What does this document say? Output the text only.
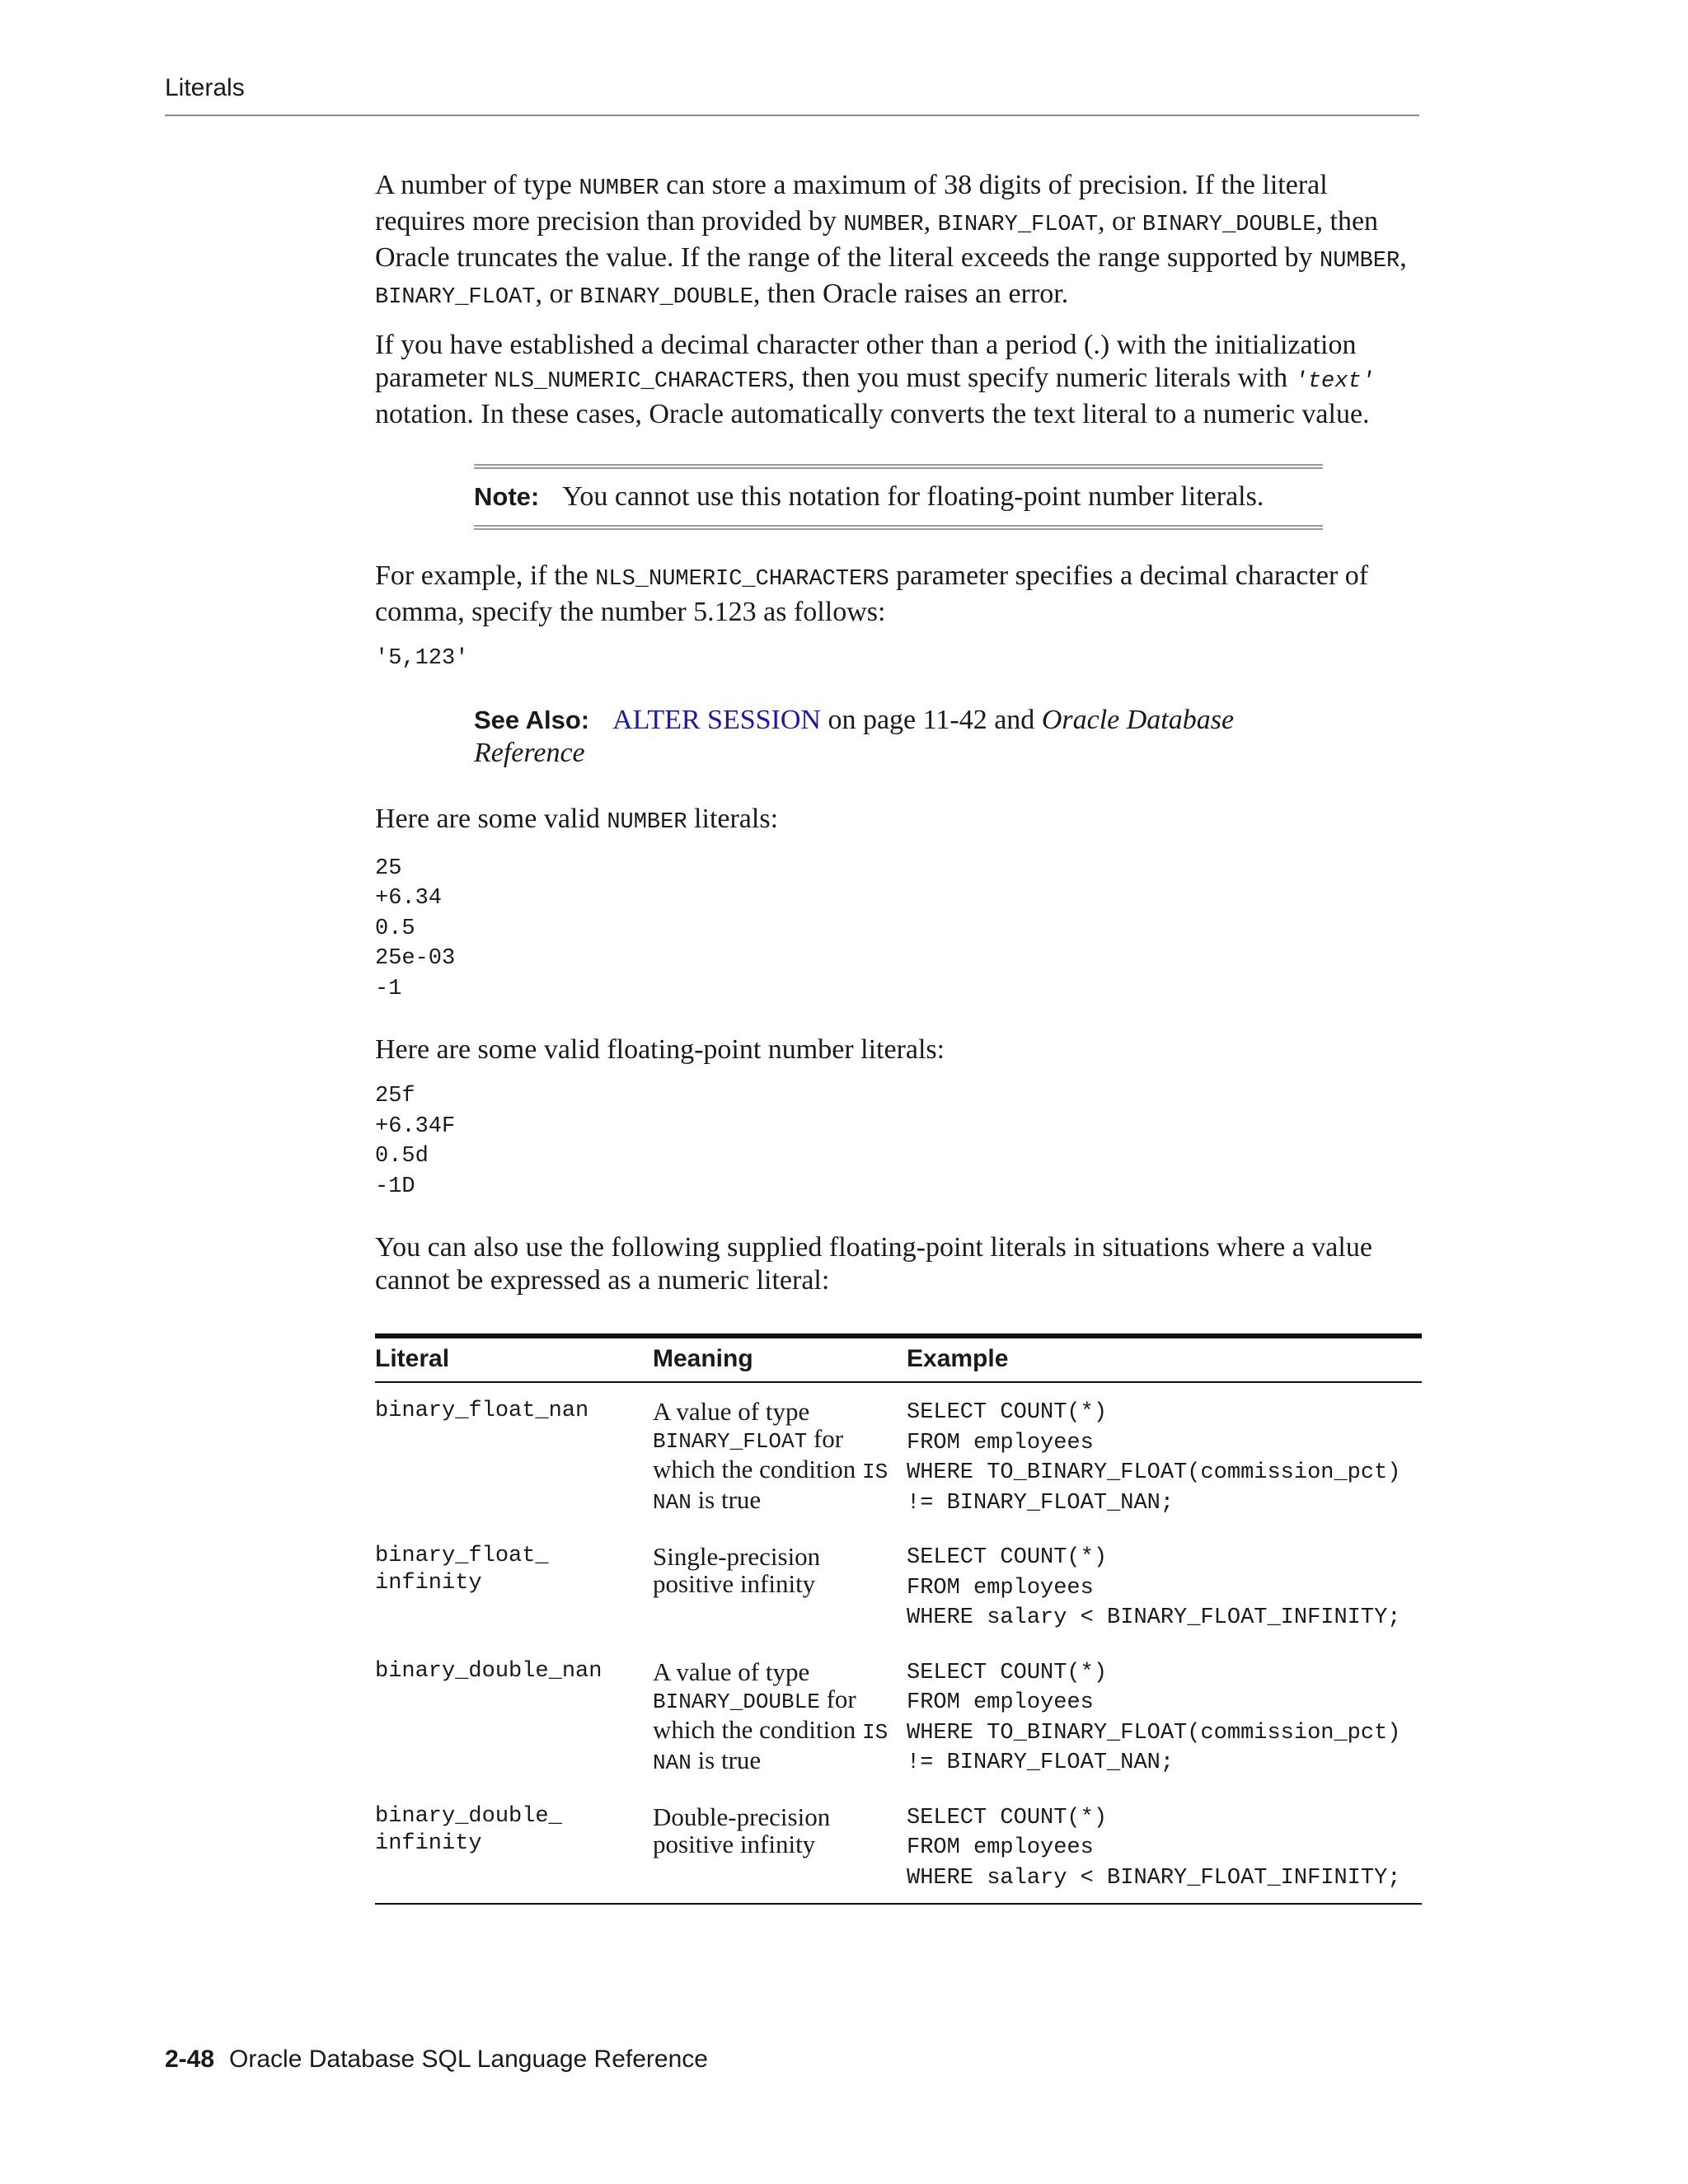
Literals

A number of type NUMBER can store a maximum of 38 digits of precision. If the literal requires more precision than provided by NUMBER, BINARY_FLOAT, or BINARY_DOUBLE, then Oracle truncates the value. If the range of the literal exceeds the range supported by NUMBER, BINARY_FLOAT, or BINARY_DOUBLE, then Oracle raises an error.

If you have established a decimal character other than a period (.) with the initialization parameter NLS_NUMERIC_CHARACTERS, then you must specify numeric literals with 'text' notation. In these cases, Oracle automatically converts the text literal to a numeric value.

Note: You cannot use this notation for floating-point number literals.

For example, if the NLS_NUMERIC_CHARACTERS parameter specifies a decimal character of comma, specify the number 5.123 as follows:

'5,123'
See Also: ALTER SESSION on page 11-42 and Oracle Database Reference

Here are some valid NUMBER literals:

25
+6.34
0.5
25e-03
-1

Here are some valid floating-point number literals:

25f
+6.34F
0.5d
-1D

You can also use the following supplied floating-point literals in situations where a value cannot be expressed as a numeric literal:

Literal	Meaning	Example
binary_float_nan	A value of type BINARY_FLOAT for which the condition IS NAN is true	SELECT COUNT(*)
FROM employees
WHERE TO_BINARY_FLOAT(commission_pct)
!= BINARY_FLOAT_NAN;
binary_float_
infinity	Single-precision positive infinity	SELECT COUNT(*)
FROM employees
WHERE salary < BINARY_FLOAT_INFINITY;
binary_double_nan	A value of type BINARY_DOUBLE for which the condition IS NAN is true	SELECT COUNT(*)
FROM employees
WHERE TO_BINARY_FLOAT(commission_pct)
!= BINARY_FLOAT_NAN;
binary_double_
infinity	Double-precision positive infinity	SELECT COUNT(*)
FROM employees
WHERE salary < BINARY_FLOAT_INFINITY;
2-48 Oracle Database SQL Language Reference
